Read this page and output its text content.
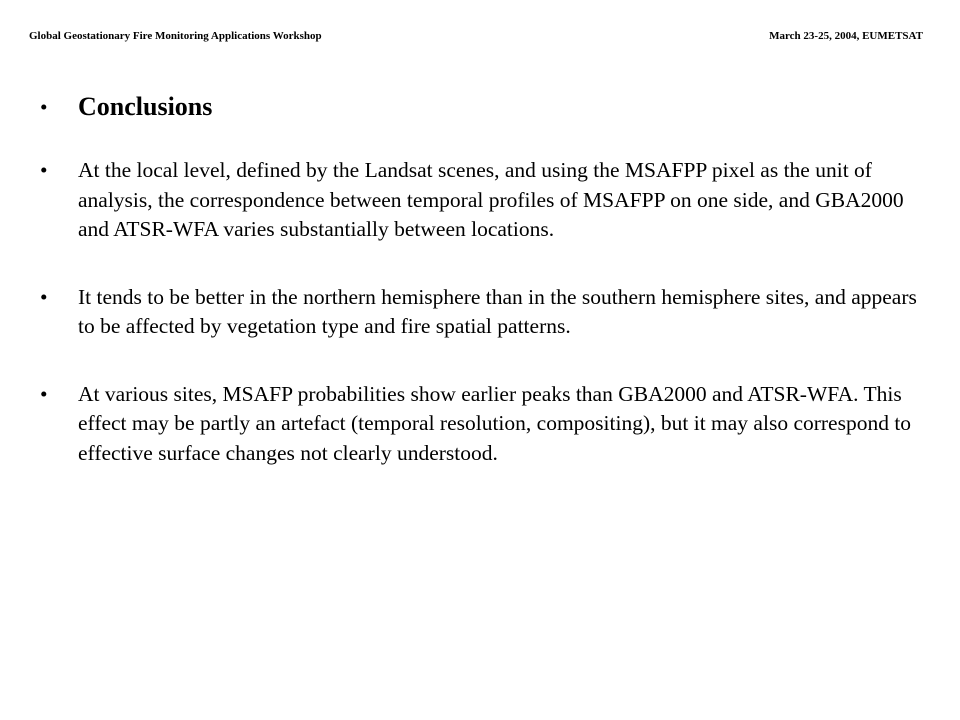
Global Geostationary Fire Monitoring Applications Workshop	March 23-25, 2004, EUMETSAT
•	Conclusions
•	At the local level, defined by the Landsat scenes, and using the MSAFPP pixel as the unit of analysis, the correspondence between temporal profiles of MSAFPP on one side, and GBA2000 and ATSR-WFA varies substantially between locations.
•	It tends to be better in the northern hemisphere than in the southern hemisphere sites, and appears to be affected by vegetation type and fire spatial patterns.
•	At various sites, MSAFP probabilities show earlier peaks than GBA2000 and ATSR-WFA. This effect may be partly an artefact (temporal resolution, compositing), but it may also correspond to effective surface changes not clearly understood.
